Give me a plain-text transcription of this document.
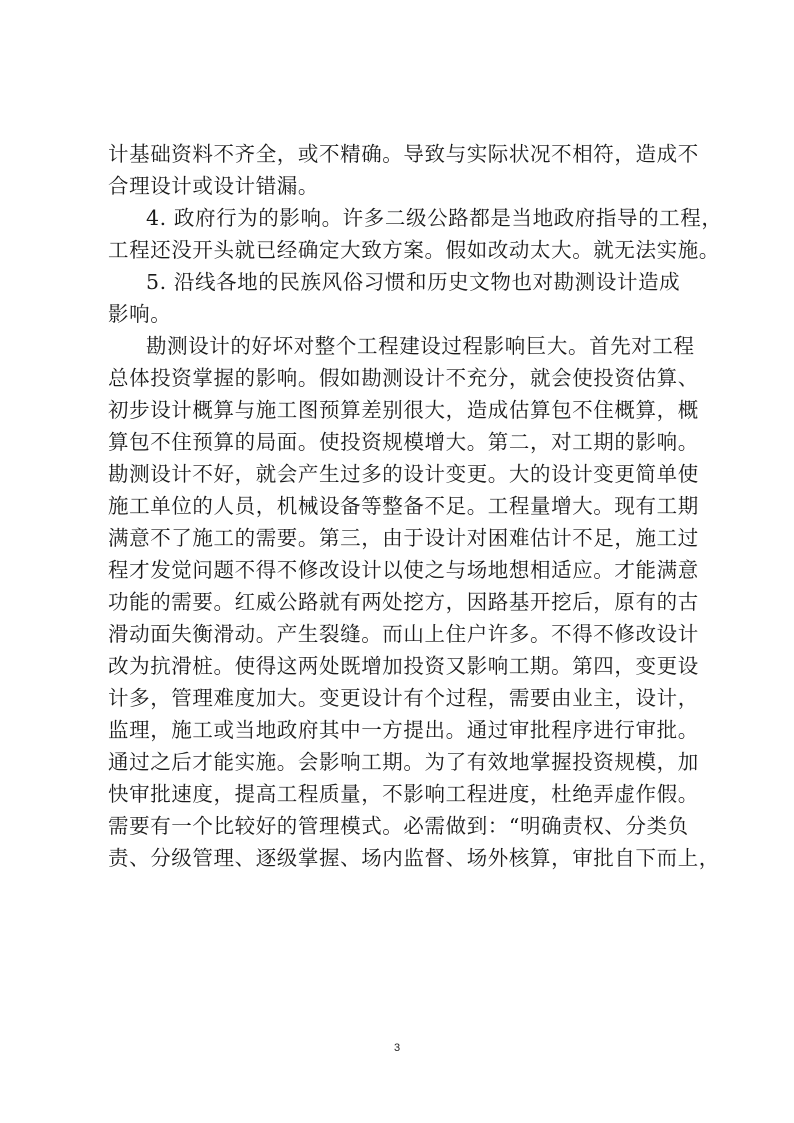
计基础资料不齐全，或不精确。导致与实际状况不相符，造成不
合理设计或设计错漏。
4. 政府行为的影响。许多二级公路都是当地政府指导的工程，
工程还没开头就已经确定大致方案。假如改动太大。就无法实施。
5. 沿线各地的民族风俗习惯和历史文物也对勘测设计造成
影响。
勘测设计的好坏对整个工程建设过程影响巨大。首先对工程
总体投资掌握的影响。假如勘测设计不充分，就会使投资估算、
初步设计概算与施工图预算差别很大，造成估算包不住概算，概
算包不住预算的局面。使投资规模增大。第二，对工期的影响。
勘测设计不好，就会产生过多的设计变更。大的设计变更简单使
施工单位的人员，机械设备等整备不足。工程量增大。现有工期
满意不了施工的需要。第三，由于设计对困难估计不足，施工过
程才发觉问题不得不修改设计以使之与场地想相适应。才能满意
功能的需要。红威公路就有两处挖方，因路基开挖后，原有的古
滑动面失衡滑动。产生裂缝。而山上住户许多。不得不修改设计
改为抗滑桩。使得这两处既增加投资又影响工期。第四，变更设
计多，管理难度加大。变更设计有个过程，需要由业主，设计，
监理，施工或当地政府其中一方提出。通过审批程序进行审批。
通过之后才能实施。会影响工期。为了有效地掌握投资规模，加
快审批速度，提高工程质量，不影响工程进度，杜绝弄虚作假。
需要有一个比较好的管理模式。必需做到：“明确责权、分类负
责、分级管理、逐级掌握、场内监督、场外核算，审批自下而上，
3
